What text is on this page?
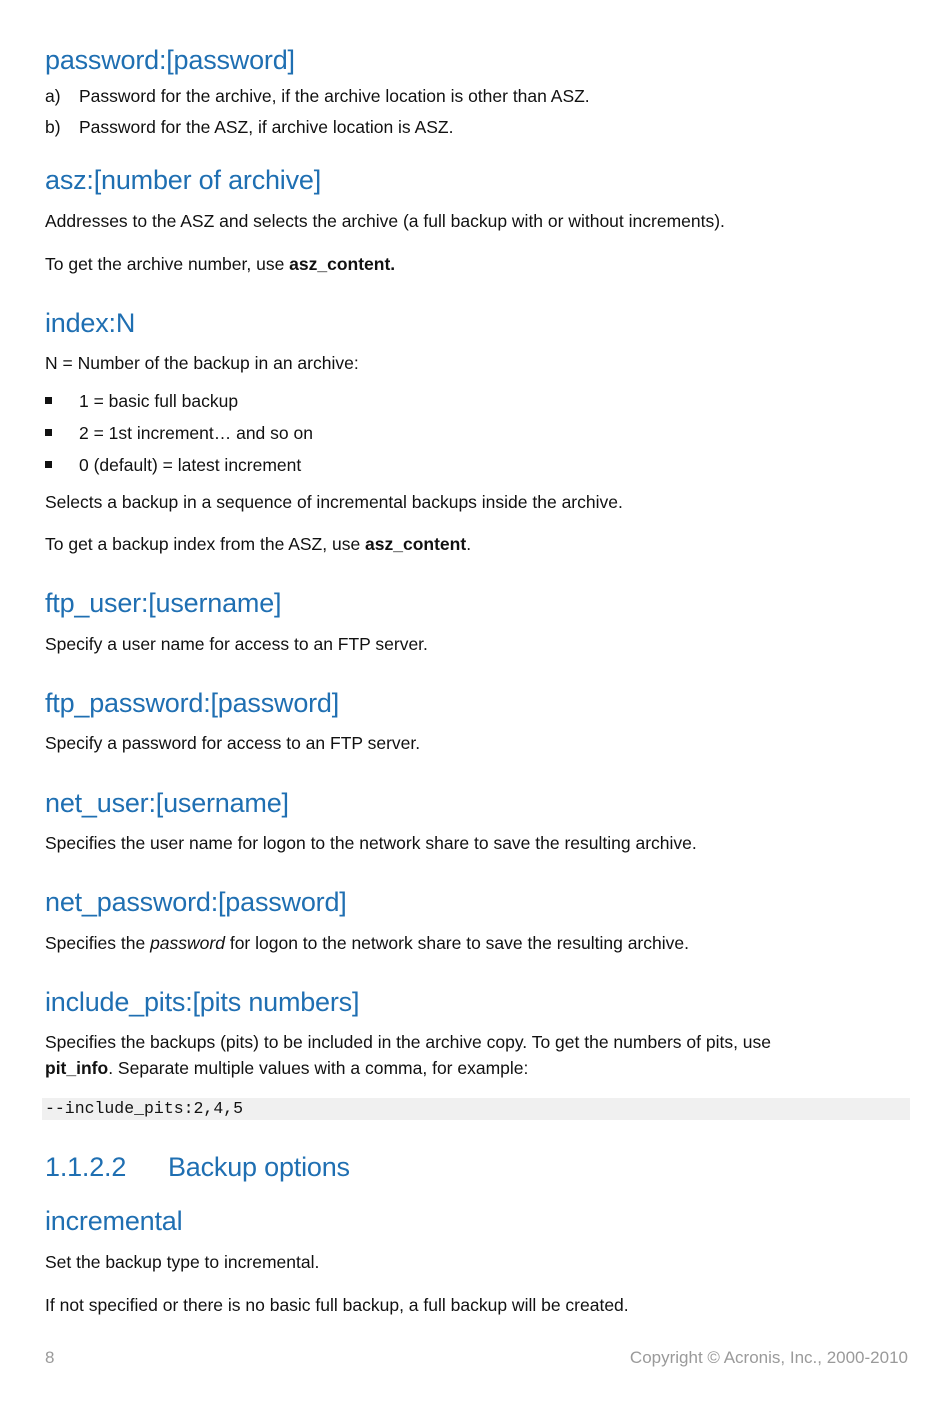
password:[password]
a) Password for the archive, if the archive location is other than ASZ.
b) Password for the ASZ, if archive location is ASZ.
asz:[number of archive]

Addresses to the ASZ and selects the archive (a full backup with or without increments).

To get the archive number, use asz_content.

index:N

N = Number of the backup in an archive:

1 = basic full backup
2 = 1st increment… and so on
0 (default) = latest increment

Selects a backup in a sequence of incremental backups inside the archive.

To get a backup index from the ASZ, use asz_content.

ftp_user:[username]

Specify a user name for access to an FTP server.

ftp_password:[password]

Specify a password for access to an FTP server.

net_user:[username]

Specifies the user name for logon to the network share to save the resulting archive.

net_password:[password]

Specifies the password for logon to the network share to save the resulting archive.

include_pits:[pits numbers]

Specifies the backups (pits) to be included in the archive copy. To get the numbers of pits, use

pit_info. Separate multiple values with a comma, for example:

--include_pits:2,4,5
1.1.2.2 Backup options
incremental

Set the backup type to incremental.

If not specified or there is no basic full backup, a full backup will be created.

8	Copyright © Acronis, Inc., 2000-2010
